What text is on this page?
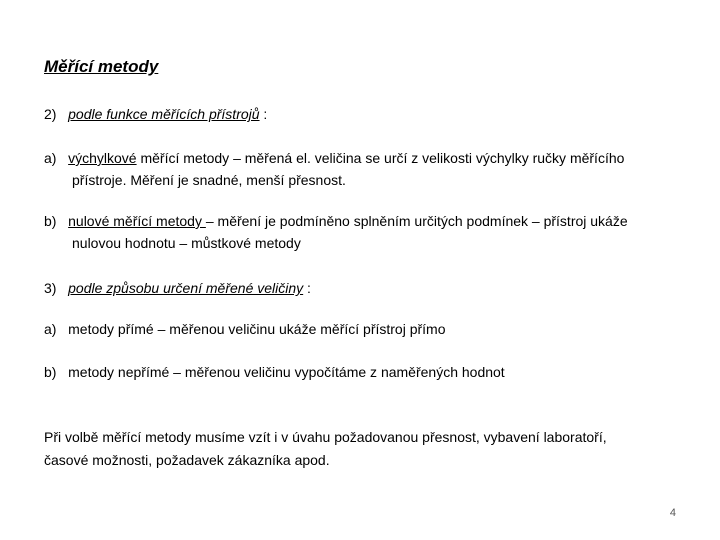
Měřící metody
2) podle funkce měřících přístrojů :
a) výchylkové měřící metody – měřená el. veličina se určí z velikosti výchylky ručky měřícího
přístroje. Měření je snadné, menší přesnost.
b) nulové měřící metody – měření je podmíněno splněním určitých podmínek – přístroj ukáže
nulovou hodnotu – můstkové metody
3) podle způsobu určení měřené veličiny :
a) metody přímé – měřenou veličinu ukáže měřící přístroj přímo
b) metody nepřímé – měřenou veličinu vypočítáme z naměřených hodnot
Při volbě měřící metody musíme vzít i v úvahu požadovanou přesnost, vybavení laboratoří,
časové možnosti, požadavek zákazníka apod.
4
